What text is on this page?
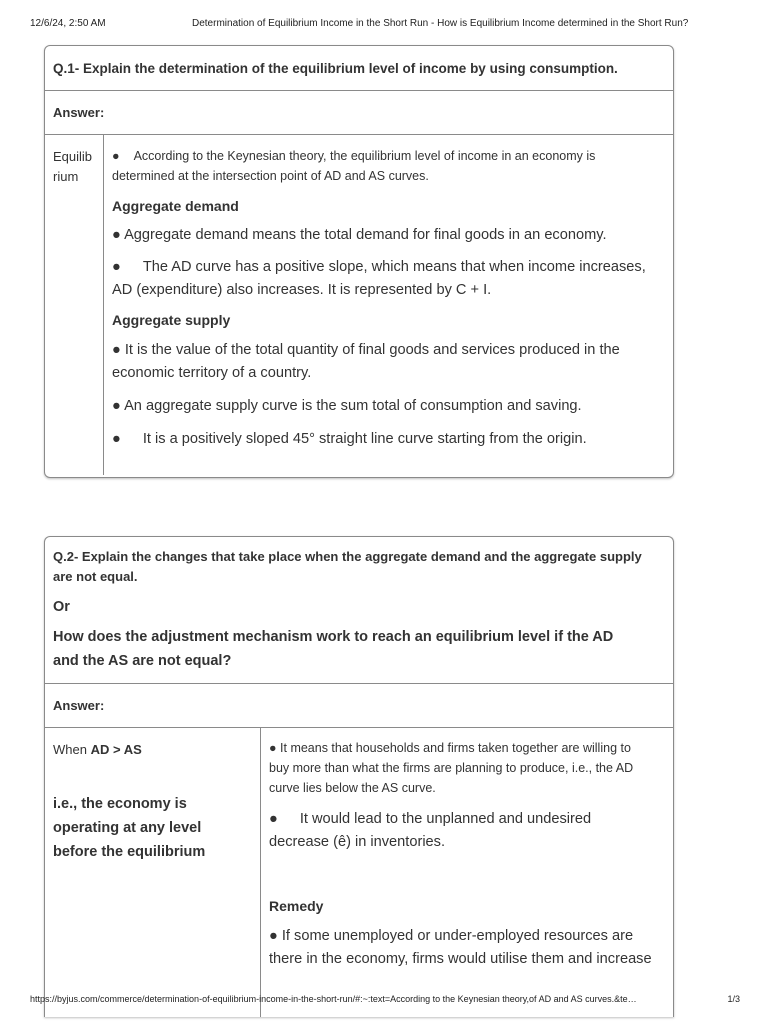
12/6/24, 2:50 AM	Determination of Equilibrium Income in the Short Run - How is Equilibrium Income determined in the Short Run?
Q.1- Explain the determination of the equilibrium level of income by using consumption.
Answer:
Equilib
rium
● According to the Keynesian theory, the equilibrium level of income in an economy is
determined at the intersection point of AD and AS curves.
Aggregate demand
● Aggregate demand means the total demand for final goods in an economy.
● The AD curve has a positive slope, which means that when income increases,
AD (expenditure) also increases. It is represented by C + I.
Aggregate supply
● It is the value of the total quantity of final goods and services produced in the
economic territory of a country.
● An aggregate supply curve is the sum total of consumption and saving.
● It is a positively sloped 45° straight line curve starting from the origin.
Q.2- Explain the changes that take place when the aggregate demand and the aggregate supply
are not equal.
Or
How does the adjustment mechanism work to reach an equilibrium level if the AD
and the AS are not equal?
Answer:
When AD > AS
i.e., the economy is
operating at any level
before the equilibrium
● It means that households and firms taken together are willing to
buy more than what the firms are planning to produce, i.e., the AD
curve lies below the AS curve.
● It would lead to the unplanned and undesired
decrease (ê) in inventories.
Remedy
● If some unemployed or under-employed resources are
there in the economy, firms would utilise them and increase
https://byjus.com/commerce/determination-of-equilibrium-income-in-the-short-run/#:~:text=According to the Keynesian theory,of AD and AS curves.&te…	1/3
